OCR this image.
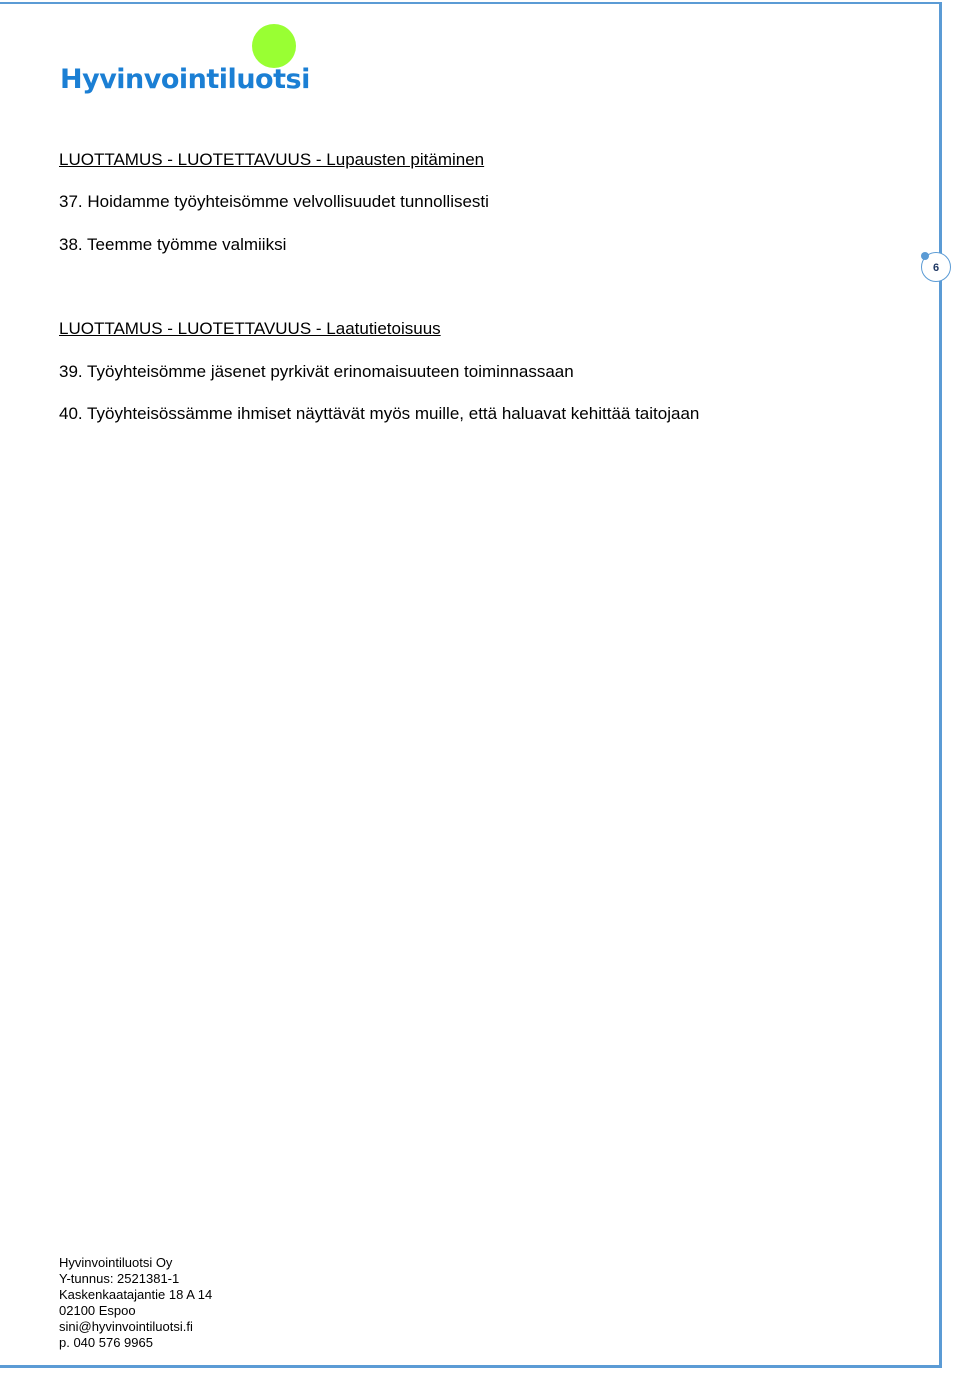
Hyvinvointiluotsi

LUOTTAMUS - LUOTETTAVUUS - Lupausten pitäminen

37. Hoidamme työyhteisömme velvollisuudet tunnollisesti

38. Teemme työmme valmiiksi

LUOTTAMUS - LUOTETTAVUUS - Laatutietoisuus

39. Työyhteisömme jäsenet pyrkivät erinomaisuuteen toiminnassaan

40. Työyhteisössämme ihmiset näyttävät myös muille, että haluavat kehittää taitojaan

6
Hyvinvointiluotsi Oy
Y-tunnus: 2521381-1
Kaskenkaatajantie 18 A 14
02100 Espoo
sini@hyvinvointiluotsi.fi
p. 040 576 9965
